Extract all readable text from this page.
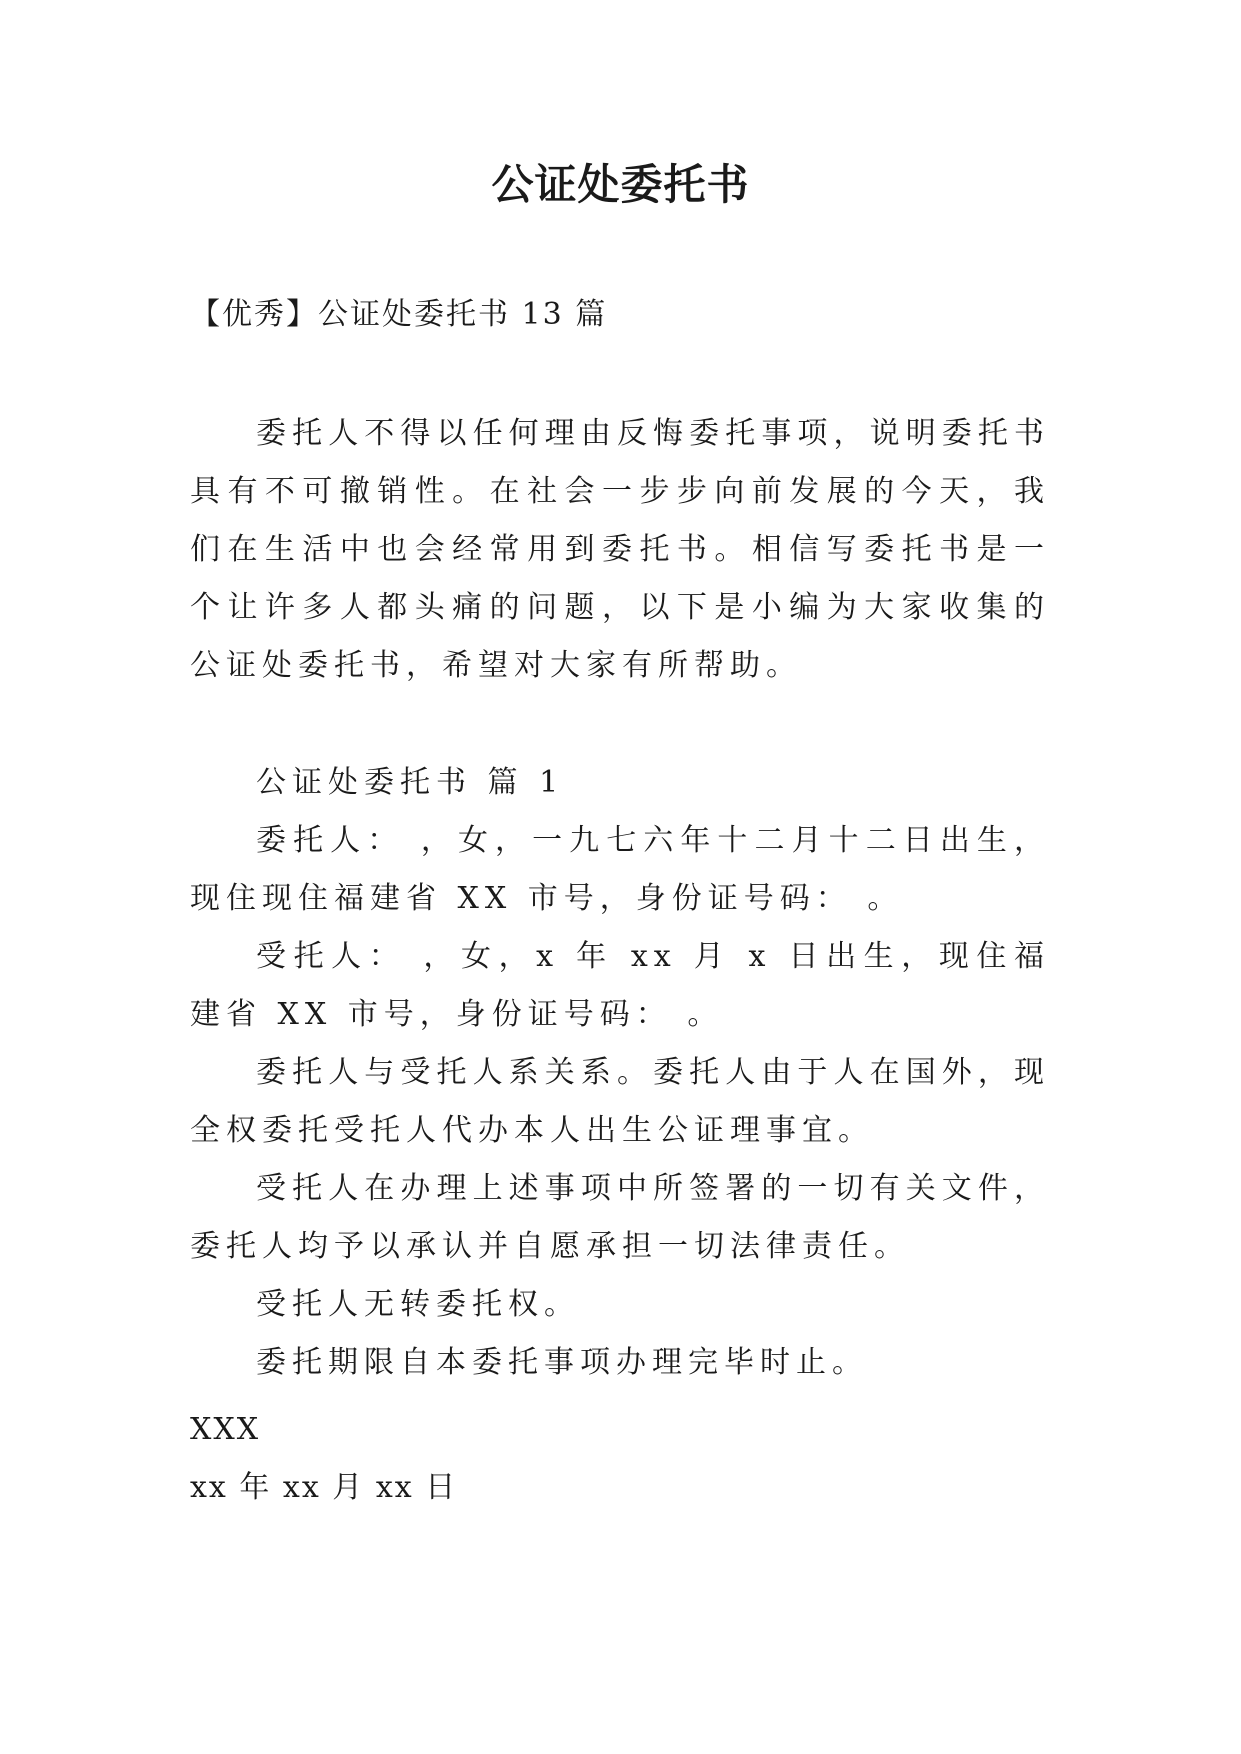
公证处委托书
【优秀】公证处委托书 13 篇

委托人不得以任何理由反悔委托事项，说明委托书具有不可撤销性。在社会一步步向前发展的今天，我们在生活中也会经常用到委托书。相信写委托书是一个让许多人都头痛的问题，以下是小编为大家收集的公证处委托书，希望对大家有所帮助。

公证处委托书 篇 1

委托人： ，女，一九七六年十二月十二日出生，现住现住福建省 XX 市号，身份证号码： 。

受托人： ，女，x 年 xx 月 x 日出生，现住福建省 XX 市号，身份证号码： 。

委托人与受托人系关系。委托人由于人在国外，现全权委托受托人代办本人出生公证理事宜。

受托人在办理上述事项中所签署的一切有关文件，委托人均予以承认并自愿承担一切法律责任。

受托人无转委托权。

委托期限自本委托事项办理完毕时止。

XXX
xx 年 xx 月 xx 日
